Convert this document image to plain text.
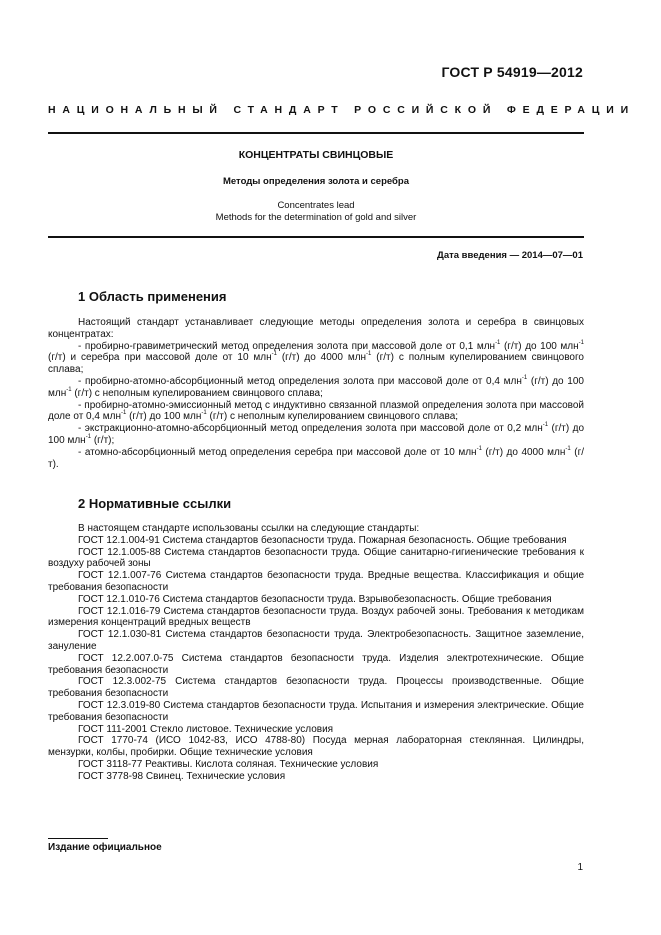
ГОСТ Р 54919—2012
НАЦИОНАЛЬНЫЙ СТАНДАРТ РОССИЙСКОЙ ФЕДЕРАЦИИ
КОНЦЕНТРАТЫ СВИНЦОВЫЕ
Методы определения золота и серебра
Concentrates lead
Methods for the determination of gold and silver
Дата введения — 2014—07—01
1 Область применения

Настоящий стандарт устанавливает следующие методы определения золота и серебра в свинцовых концентратах:

- пробирно-гравиметрический метод определения золота при массовой доле от 0,1 млн$^{-1}$ (г/т) до 100 млн$^{-1}$ (г/т) и серебра при массовой доле от 10 млн$^{-1}$ (г/т) до 4000 млн$^{-1}$ (г/т) с полным купелированием свинцового сплава;

- пробирно-атомно-абсорбционный метод определения золота при массовой доле от 0,4 млн$^{-1}$ (г/т) до 100 млн$^{-1}$ (г/т) с неполным купелированием свинцового сплава;

- пробирно-атомно-эмиссионный метод с индуктивно связанной плазмой определения золота при массовой доле от 0,4 млн$^{-1}$ (г/т) до 100 млн$^{-1}$ (г/т) с неполным купелированием свинцового сплава;

- экстракционно-атомно-абсорбционный метод определения золота при массовой доле от 0,2 млн$^{-1}$ (г/т) до 100 млн$^{-1}$ (г/т);

- атомно-абсорбционный метод определения серебра при массовой доле от 10 млн$^{-1}$ (г/т) до 4000 млн$^{-1}$ (г/т).

2 Нормативные ссылки

В настоящем стандарте использованы ссылки на следующие стандарты:

ГОСТ 12.1.004-91 Система стандартов безопасности труда. Пожарная безопасность. Общие требования

ГОСТ 12.1.005-88 Система стандартов безопасности труда. Общие санитарно-гигиенические требования к воздуху рабочей зоны

ГОСТ 12.1.007-76 Система стандартов безопасности труда. Вредные вещества. Классификация и общие требования безопасности

ГОСТ 12.1.010-76 Система стандартов безопасности труда. Взрывобезопасность. Общие требования

ГОСТ 12.1.016-79 Система стандартов безопасности труда. Воздух рабочей зоны. Требования к методикам измерения концентраций вредных веществ

ГОСТ 12.1.030-81 Система стандартов безопасности труда. Электробезопасность. Защитное заземление, зануление

ГОСТ 12.2.007.0-75 Система стандартов безопасности труда. Изделия электротехнические. Общие требования безопасности

ГОСТ 12.3.002-75 Система стандартов безопасности труда. Процессы производственные. Общие требования безопасности

ГОСТ 12.3.019-80 Система стандартов безопасности труда. Испытания и измерения электрические. Общие требования безопасности

ГОСТ 111-2001 Стекло листовое. Технические условия

ГОСТ 1770-74 (ИСО 1042-83, ИСО 4788-80) Посуда мерная лабораторная стеклянная. Цилиндры, мензурки, колбы, пробирки. Общие технические условия

ГОСТ 3118-77 Реактивы. Кислота соляная. Технические условия

ГОСТ 3778-98 Свинец. Технические условия

Издание официальное
1
